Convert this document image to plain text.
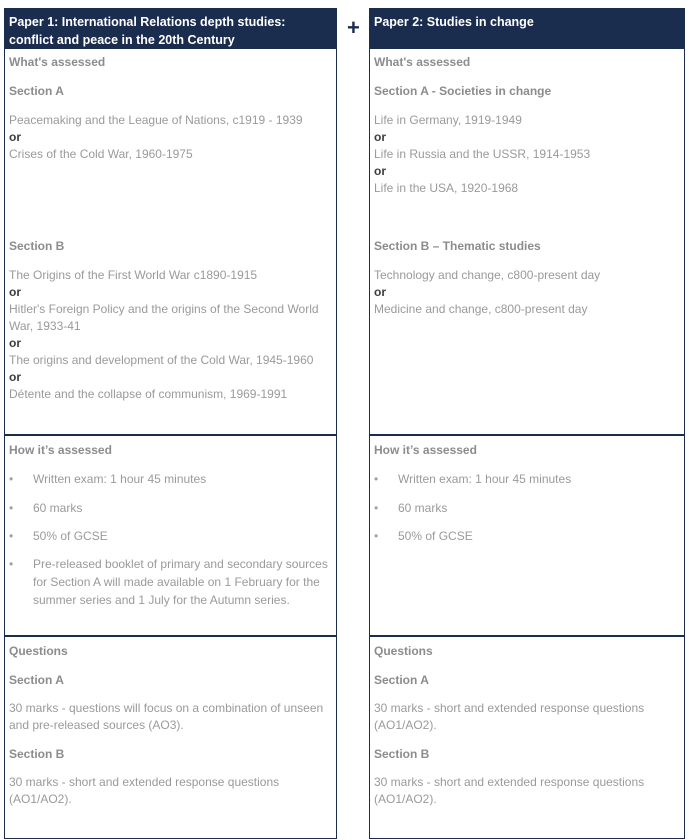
+
Paper 1: International Relations depth studies: conflict and peace in the 20th Century
What's assessed
Section A
Peacemaking and the League of Nations, c1919 - 1939
or
Crises of the Cold War, 1960-1975
Section B
The Origins of the First World War c1890-1915
or
Hitler's Foreign Policy and the origins of the Second World War, 1933-41
or
The origins and development of the Cold War, 1945-1960
or
Détente and the collapse of communism, 1969-1991
How it’s assessed
•	Written exam: 1 hour 45 minutes
•	60 marks
•	50% of GCSE
•	Pre-released booklet of primary and secondary sources for Section A will made available on 1 February for the summer series and 1 July for the Autumn series.
Questions
Section A
30 marks - questions will focus on a combination of unseen and pre-released sources (AO3).
Section B
30 marks - short and extended response questions (AO1/AO2).
Paper 2: Studies in change
What's assessed
Section A - Societies in change
Life in Germany, 1919-1949
or
Life in Russia and the USSR, 1914-1953
or
Life in the USA, 1920-1968
Section B – Thematic studies
Technology and change, c800-present day
or
Medicine and change, c800-present day
How it’s assessed
•	Written exam: 1 hour 45 minutes
•	60 marks
•	50% of GCSE
Questions
Section A
30 marks - short and extended response questions (AO1/AO2).
Section B
30 marks - short and extended response questions (AO1/AO2).
